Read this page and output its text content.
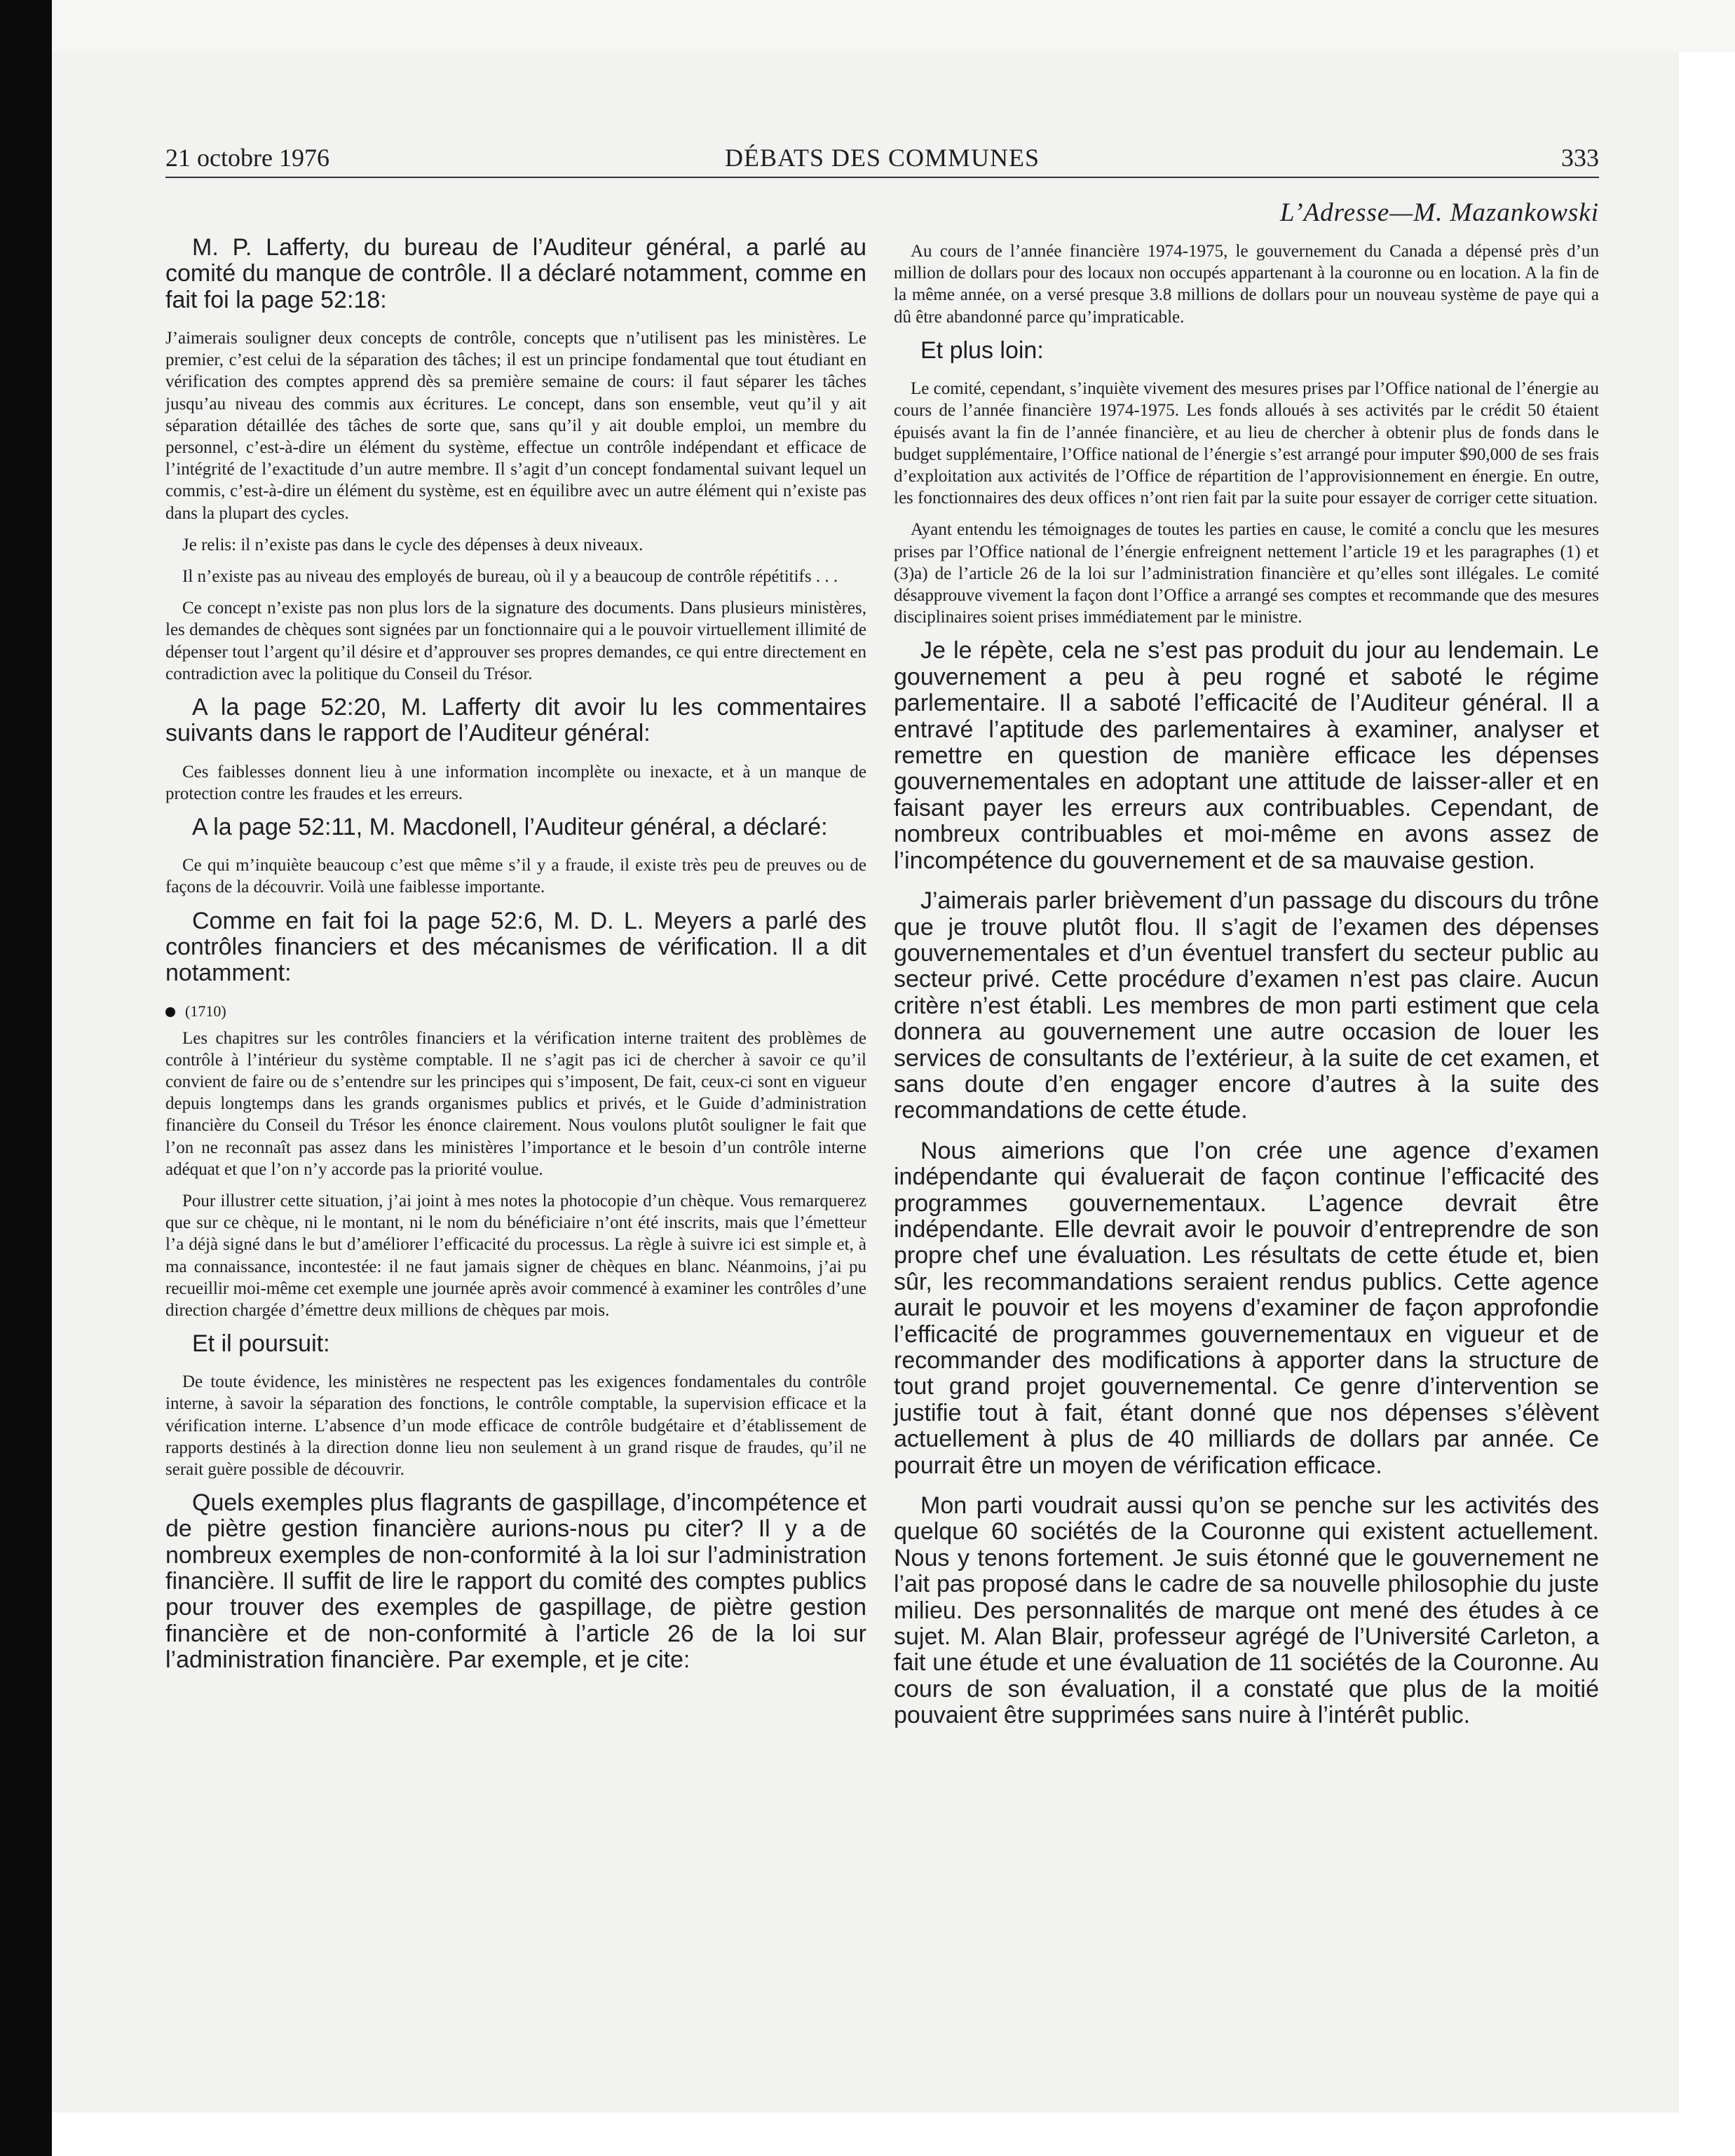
21 octobre 1976	DÉBATS DES COMMUNES	333
L’Adresse—M. Mazankowski

M. P. Lafferty, du bureau de l’Auditeur général, a parlé au comité du manque de contrôle. Il a déclaré notamment, comme en fait foi la page 52:18:

J’aimerais souligner deux concepts de contrôle, concepts que n’utilisent pas les ministères. Le premier, c’est celui de la séparation des tâches; il est un principe fondamental que tout étudiant en vérification des comptes apprend dès sa première semaine de cours: il faut séparer les tâches jusqu’au niveau des commis aux écritures. Le concept, dans son ensemble, veut qu’il y ait séparation détaillée des tâches de sorte que, sans qu’il y ait double emploi, un membre du personnel, c’est-à-dire un élément du système, effectue un contrôle indépendant et efficace de l’intégrité de l’exactitude d’un autre membre. Il s’agit d’un concept fondamental suivant lequel un commis, c’est-à-dire un élément du système, est en équilibre avec un autre élément qui n’existe pas dans la plupart des cycles.

Je relis: il n’existe pas dans le cycle des dépenses à deux niveaux.

Il n’existe pas au niveau des employés de bureau, où il y a beaucoup de contrôle répétitifs . . .

Ce concept n’existe pas non plus lors de la signature des documents. Dans plusieurs ministères, les demandes de chèques sont signées par un fonctionnaire qui a le pouvoir virtuellement illimité de dépenser tout l’argent qu’il désire et d’approuver ses propres demandes, ce qui entre directement en contradiction avec la politique du Conseil du Trésor.

A la page 52:20, M. Lafferty dit avoir lu les commentaires suivants dans le rapport de l’Auditeur général:

Ces faiblesses donnent lieu à une information incomplète ou inexacte, et à un manque de protection contre les fraudes et les erreurs.

A la page 52:11, M. Macdonell, l’Auditeur général, a déclaré:

Ce qui m’inquiète beaucoup c’est que même s’il y a fraude, il existe très peu de preuves ou de façons de la découvrir. Voilà une faiblesse importante.

Comme en fait foi la page 52:6, M. D. L. Meyers a parlé des contrôles financiers et des mécanismes de vérification. Il a dit notamment:

(1710)

Les chapitres sur les contrôles financiers et la vérification interne traitent des problèmes de contrôle à l’intérieur du système comptable. Il ne s’agit pas ici de chercher à savoir ce qu’il convient de faire ou de s’entendre sur les principes qui s’imposent, De fait, ceux-ci sont en vigueur depuis longtemps dans les grands organismes publics et privés, et le Guide d’administration financière du Conseil du Trésor les énonce clairement. Nous voulons plutôt souligner le fait que l’on ne reconnaît pas assez dans les ministères l’importance et le besoin d’un contrôle interne adéquat et que l’on n’y accorde pas la priorité voulue.

Pour illustrer cette situation, j’ai joint à mes notes la photocopie d’un chèque. Vous remarquerez que sur ce chèque, ni le montant, ni le nom du bénéficiaire n’ont été inscrits, mais que l’émetteur l’a déjà signé dans le but d’améliorer l’efficacité du processus. La règle à suivre ici est simple et, à ma connaissance, incontestée: il ne faut jamais signer de chèques en blanc. Néanmoins, j’ai pu recueillir moi-même cet exemple une journée après avoir commencé à examiner les contrôles d’une direction chargée d’émettre deux millions de chèques par mois.

Et il poursuit:

De toute évidence, les ministères ne respectent pas les exigences fondamentales du contrôle interne, à savoir la séparation des fonctions, le contrôle comptable, la supervision efficace et la vérification interne. L’absence d’un mode efficace de contrôle budgétaire et d’établissement de rapports destinés à la direction donne lieu non seulement à un grand risque de fraudes, qu’il ne serait guère possible de découvrir.

Quels exemples plus flagrants de gaspillage, d’incompétence et de piètre gestion financière aurions-nous pu citer? Il y a de nombreux exemples de non-conformité à la loi sur l’administration financière. Il suffit de lire le rapport du comité des comptes publics pour trouver des exemples de gaspillage, de piètre gestion financière et de non-conformité à l’article 26 de la loi sur l’administration financière. Par exemple, et je cite:

Au cours de l’année financière 1974-1975, le gouvernement du Canada a dépensé près d’un million de dollars pour des locaux non occupés appartenant à la couronne ou en location. A la fin de la même année, on a versé presque 3.8 millions de dollars pour un nouveau système de paye qui a dû être abandonné parce qu’impraticable.

Et plus loin:

Le comité, cependant, s’inquiète vivement des mesures prises par l’Office national de l’énergie au cours de l’année financière 1974-1975. Les fonds alloués à ses activités par le crédit 50 étaient épuisés avant la fin de l’année financière, et au lieu de chercher à obtenir plus de fonds dans le budget supplémentaire, l’Office national de l’énergie s’est arrangé pour imputer $90,000 de ses frais d’exploitation aux activités de l’Office de répartition de l’approvisionnement en énergie. En outre, les fonctionnaires des deux offices n’ont rien fait par la suite pour essayer de corriger cette situation.

Ayant entendu les témoignages de toutes les parties en cause, le comité a conclu que les mesures prises par l’Office national de l’énergie enfreignent nettement l’article 19 et les paragraphes (1) et (3)a) de l’article 26 de la loi sur l’administration financière et qu’elles sont illégales. Le comité désapprouve vivement la façon dont l’Office a arrangé ses comptes et recommande que des mesures disciplinaires soient prises immédiatement par le ministre.

Je le répète, cela ne s’est pas produit du jour au lendemain. Le gouvernement a peu à peu rogné et saboté le régime parlementaire. Il a saboté l’efficacité de l’Auditeur général. Il a entravé l’aptitude des parlementaires à examiner, analyser et remettre en question de manière efficace les dépenses gouvernementales en adoptant une attitude de laisser-aller et en faisant payer les erreurs aux contribuables. Cependant, de nombreux contribuables et moi-même en avons assez de l’incompétence du gouvernement et de sa mauvaise gestion.

J’aimerais parler brièvement d’un passage du discours du trône que je trouve plutôt flou. Il s’agit de l’examen des dépenses gouvernementales et d’un éventuel transfert du secteur public au secteur privé. Cette procédure d’examen n’est pas claire. Aucun critère n’est établi. Les membres de mon parti estiment que cela donnera au gouvernement une autre occasion de louer les services de consultants de l’extérieur, à la suite de cet examen, et sans doute d’en engager encore d’autres à la suite des recommandations de cette étude.

Nous aimerions que l’on crée une agence d’examen indépendante qui évaluerait de façon continue l’efficacité des programmes gouvernementaux. L’agence devrait être indépendante. Elle devrait avoir le pouvoir d’entreprendre de son propre chef une évaluation. Les résultats de cette étude et, bien sûr, les recommandations seraient rendus publics. Cette agence aurait le pouvoir et les moyens d’examiner de façon approfondie l’efficacité de programmes gouvernementaux en vigueur et de recommander des modifications à apporter dans la structure de tout grand projet gouvernemental. Ce genre d’intervention se justifie tout à fait, étant donné que nos dépenses s’élèvent actuellement à plus de 40 milliards de dollars par année. Ce pourrait être un moyen de vérification efficace.

Mon parti voudrait aussi qu’on se penche sur les activités des quelque 60 sociétés de la Couronne qui existent actuellement. Nous y tenons fortement. Je suis étonné que le gouvernement ne l’ait pas proposé dans le cadre de sa nouvelle philosophie du juste milieu. Des personnalités de marque ont mené des études à ce sujet. M. Alan Blair, professeur agrégé de l’Université Carleton, a fait une étude et une évaluation de 11 sociétés de la Couronne. Au cours de son évaluation, il a constaté que plus de la moitié pouvaient être supprimées sans nuire à l’intérêt public.
